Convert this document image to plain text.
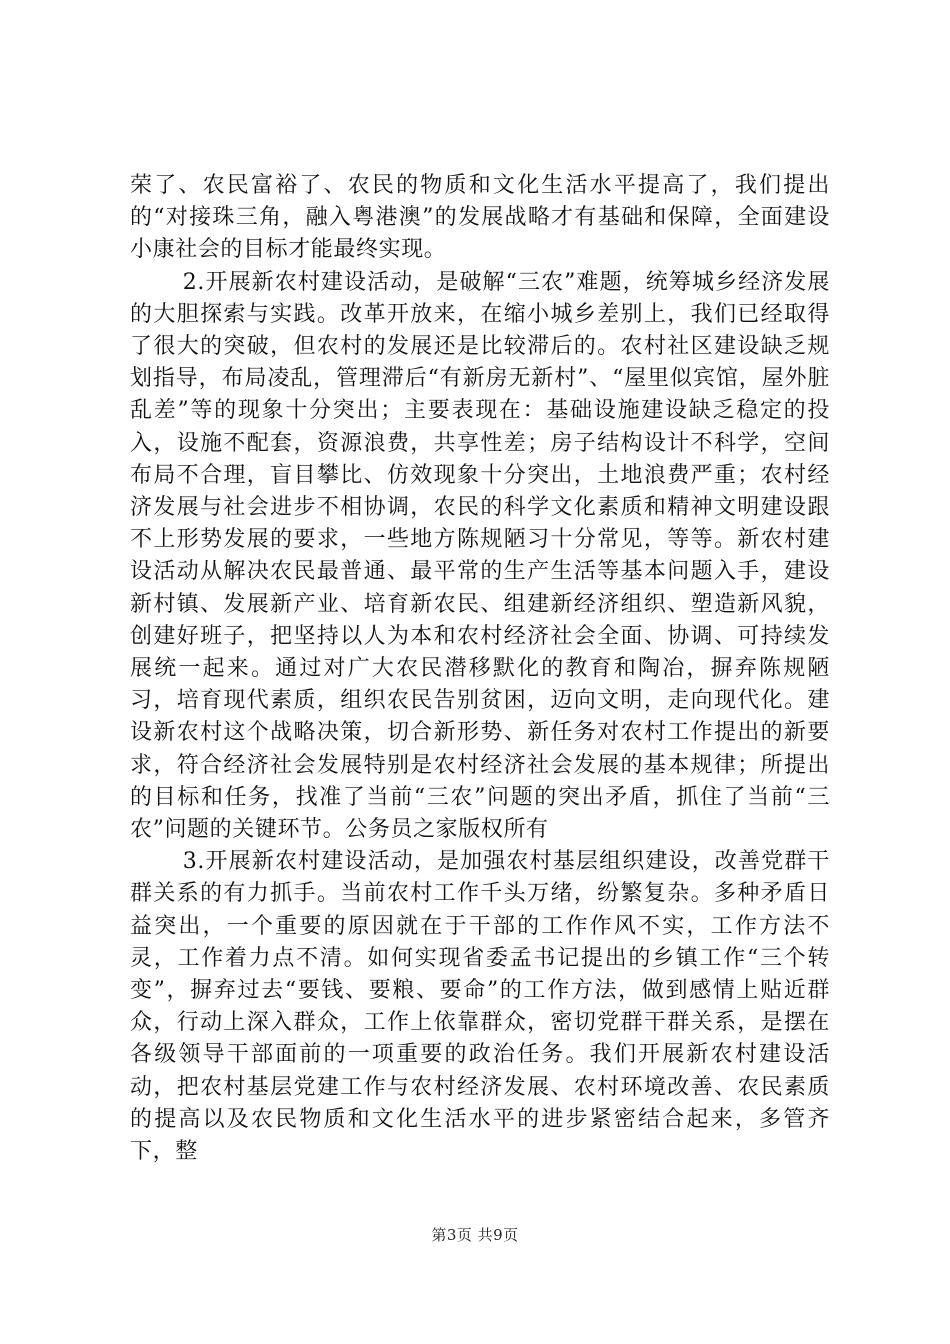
荣了、农民富裕了、农民的物质和文化生活水平提高了，我们提出的“对接珠三角，融入粤港澳”的发展战略才有基础和保障，全面建设小康社会的目标才能最终实现。

2.开展新农村建设活动，是破解“三农”难题，统筹城乡经济发展的大胆探索与实践。改革开放来，在缩小城乡差别上，我们已经取得了很大的突破，但农村的发展还是比较滞后的。农村社区建设缺乏规划指导，布局凌乱，管理滞后“有新房无新村”、“屋里似宾馆，屋外脏乱差”等的现象十分突出；主要表现在：基础设施建设缺乏稳定的投入，设施不配套，资源浪费，共享性差；房子结构设计不科学，空间布局不合理，盲目攀比、仿效现象十分突出，土地浪费严重；农村经济发展与社会进步不相协调，农民的科学文化素质和精神文明建设跟不上形势发展的要求，一些地方陈规陋习十分常见，等等。新农村建设活动从解决农民最普通、最平常的生产生活等基本问题入手，建设新村镇、发展新产业、培育新农民、组建新经济组织、塑造新风貌，创建好班子，把坚持以人为本和农村经济社会全面、协调、可持续发展统一起来。通过对广大农民潜移默化的教育和陶冶，摒弃陈规陋习，培育现代素质，组织农民告别贫困，迈向文明，走向现代化。建设新农村这个战略决策，切合新形势、新任务对农村工作提出的新要求，符合经济社会发展特别是农村经济社会发展的基本规律；所提出的目标和任务，找准了当前“三农”问题的突出矛盾，抓住了当前“三农”问题的关键环节。公务员之家版权所有

3.开展新农村建设活动，是加强农村基层组织建设，改善党群干群关系的有力抓手。当前农村工作千头万绪，纷繁复杂。多种矛盾日益突出，一个重要的原因就在于干部的工作作风不实，工作方法不灵，工作着力点不清。如何实现省委孟书记提出的乡镇工作“三个转变”，摒弃过去“要钱、要粮、要命”的工作方法，做到感情上贴近群众，行动上深入群众，工作上依靠群众，密切党群干群关系，是摆在各级领导干部面前的一项重要的政治任务。我们开展新农村建设活动，把农村基层党建工作与农村经济发展、农村环境改善、农民素质的提高以及农民物质和文化生活水平的进步紧密结合起来，多管齐下，整

第3页 共9页
